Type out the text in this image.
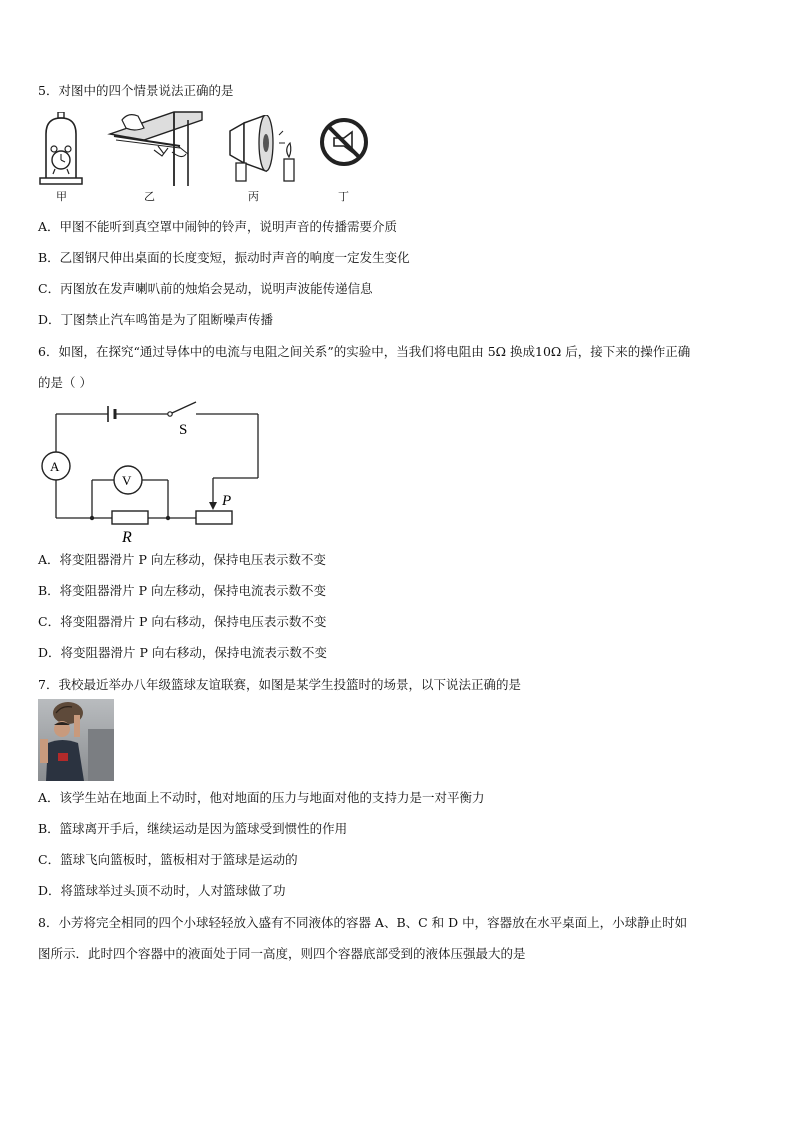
5．对图中的四个情景说法正确的是
甲	乙	丙	丁
A．甲图不能听到真空罩中闹钟的铃声，说明声音的传播需要介质
B．乙图钢尺伸出桌面的长度变短，振动时声音的响度一定发生变化
C．丙图放在发声喇叭前的烛焰会晃动，说明声波能传递信息
D．丁图禁止汽车鸣笛是为了阻断噪声传播
6．如图，在探究“通过导体中的电流与电阻之间关系”的实验中，当我们将电阻由 5Ω 换成10Ω 后，接下来的操作正确
的是（ ）
S
P
A
R
V
A．将变阻器滑片 P 向左移动，保持电压表示数不变
B．将变阻器滑片 P 向左移动，保持电流表示数不变
C．将变阻器滑片 P 向右移动，保持电压表示数不变
D．将变阻器滑片 P 向右移动，保持电流表示数不变
7．我校最近举办八年级篮球友谊联赛，如图是某学生投篮时的场景，以下说法正确的是
A．该学生站在地面上不动时，他对地面的压力与地面对他的支持力是一对平衡力
B．篮球离开手后，继续运动是因为篮球受到惯性的作用
C．篮球飞向篮板时，篮板相对于篮球是运动的
D．将篮球举过头顶不动时，人对篮球做了功
8．小芳将完全相同的四个小球轻轻放入盛有不同液体的容器 A、B、C 和 D 中，容器放在水平桌面上，小球静止时如
图所示．此时四个容器中的液面处于同一高度，则四个容器底部受到的液体压强最大的是
